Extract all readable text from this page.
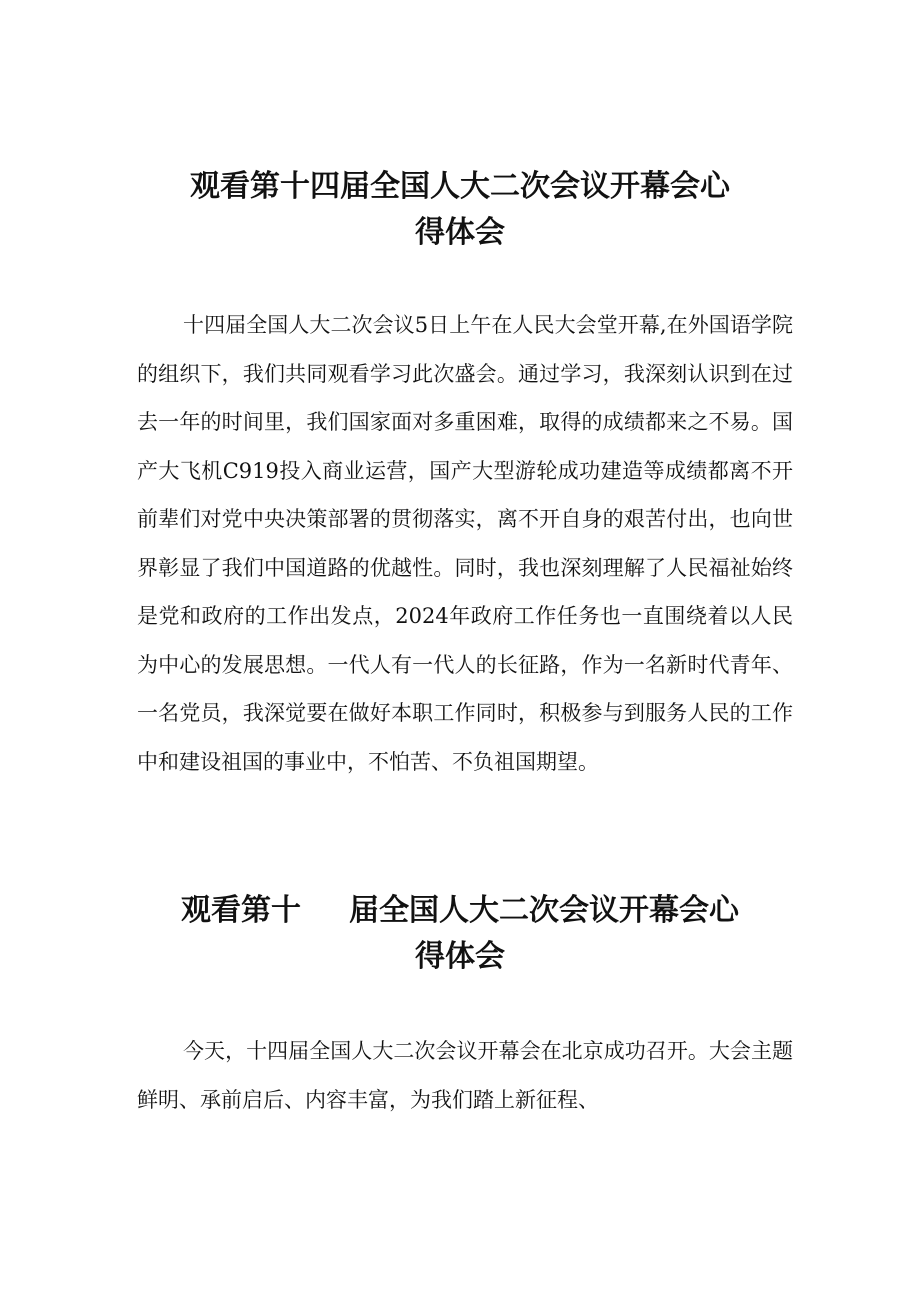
观看第十四届全国人大二次会议开幕会心
得体会

十四届全国人大二次会议5日上午在人民大会堂开幕,在外国语学院的组织下，我们共同观看学习此次盛会。通过学习，我深刻认识到在过去一年的时间里，我们国家面对多重困难，取得的成绩都来之不易。国产大飞机C919投入商业运营，国产大型游轮成功建造等成绩都离不开前辈们对党中央决策部署的贯彻落实，离不开自身的艰苦付出，也向世界彰显了我们中国道路的优越性。同时，我也深刻理解了人民福祉始终是党和政府的工作出发点，2024年政府工作任务也一直围绕着以人民为中心的发展思想。一代人有一代人的长征路，作为一名新时代青年、一名党员，我深觉要在做好本职工作同时，积极参与到服务人民的工作中和建设祖国的事业中，不怕苦、不负祖国期望。

观看第十 届全国人大二次会议开幕会心
得体会

今天，十四届全国人大二次会议开幕会在北京成功召开。大会主题鲜明、承前启后、内容丰富，为我们踏上新征程、
